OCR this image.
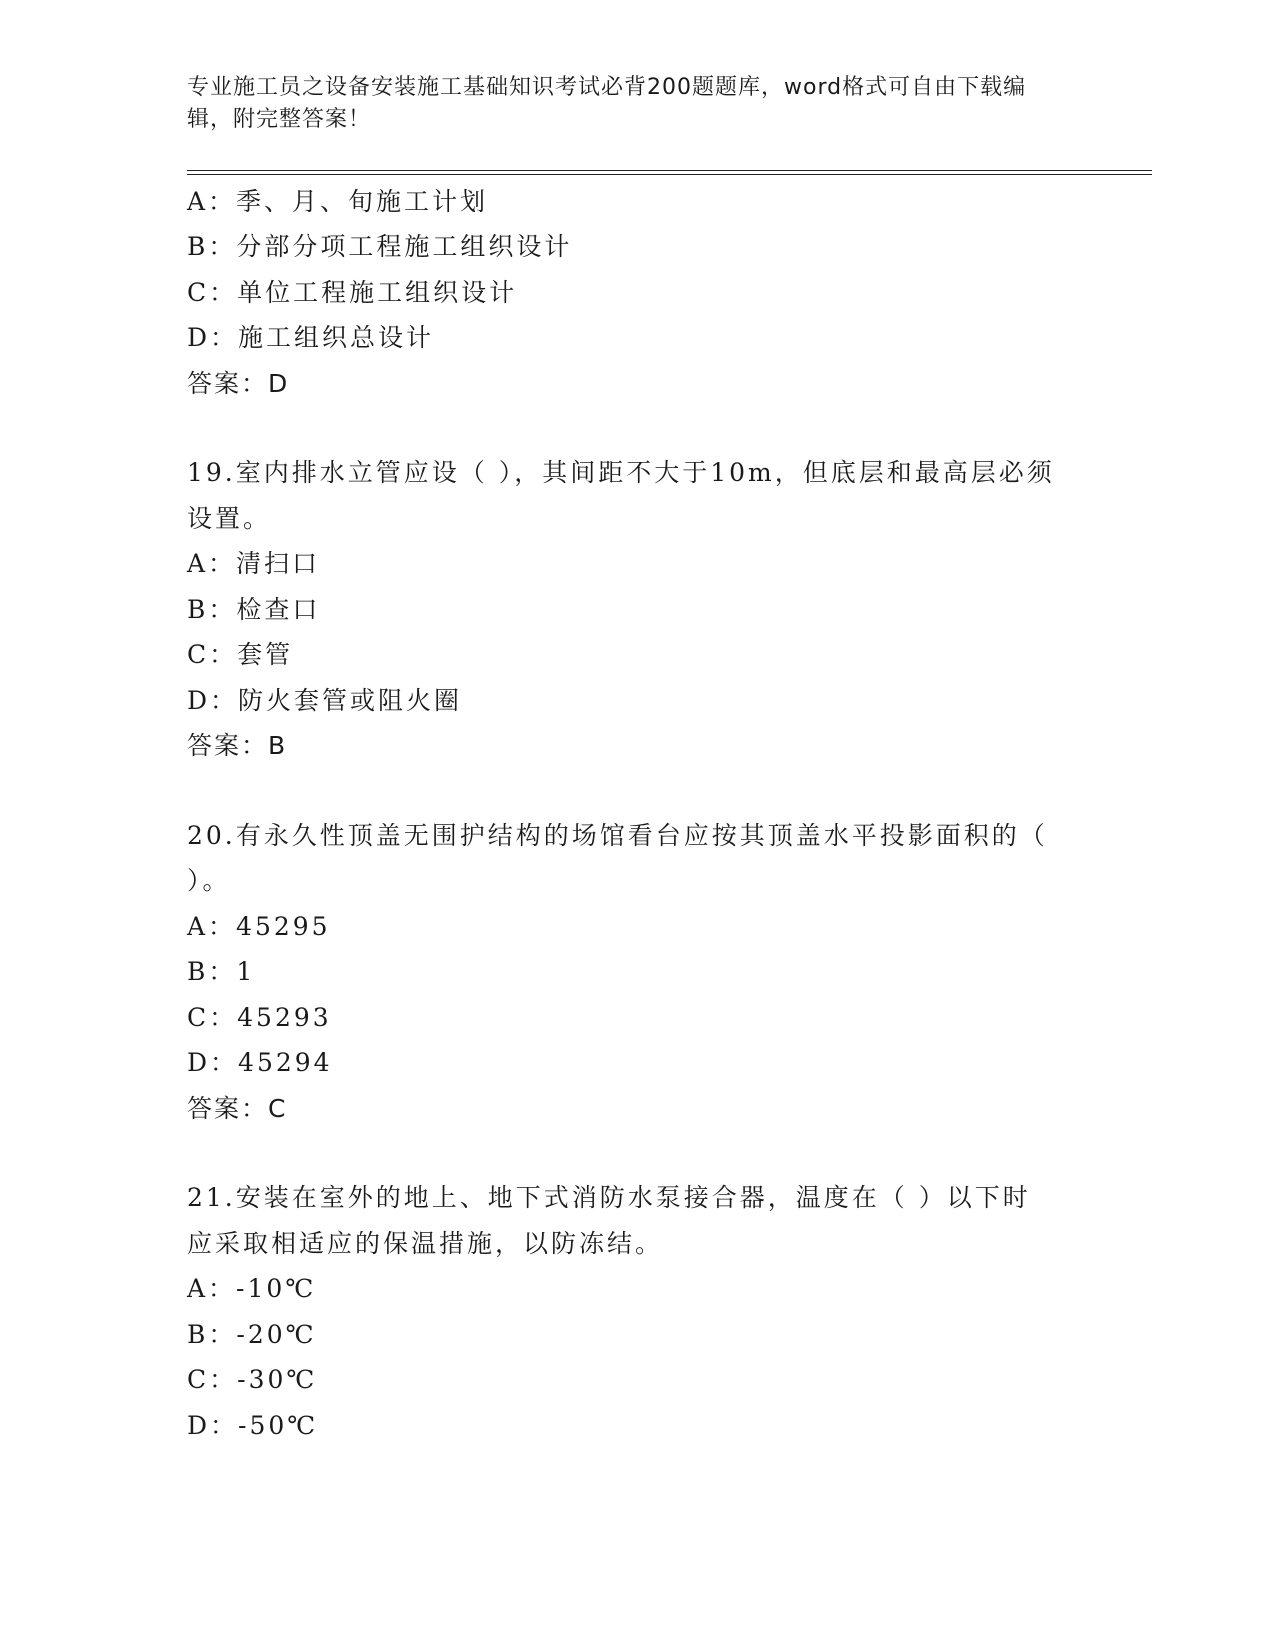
专业施工员之设备安装施工基础知识考试必背200题题库，word格式可自由下载编辑，附完整答案！

A：季、月、旬施工计划
B：分部分项工程施工组织设计
C：单位工程施工组织设计
D：施工组织总设计
答案：D
19.室内排水立管应设（ ），其间距不大于10m，但底层和最高层必须
设置。
A：清扫口
B：检查口
C：套管
D：防火套管或阻火圈
答案：B
20.有永久性顶盖无围护结构的场馆看台应按其顶盖水平投影面积的（
）。
A：45295
B：1
C：45293
D：45294
答案：C
21.安装在室外的地上、地下式消防水泵接合器，温度在（ ）以下时
应采取相适应的保温措施，以防冻结。
A：-10℃
B：-20℃
C：-30℃
D：-50℃
